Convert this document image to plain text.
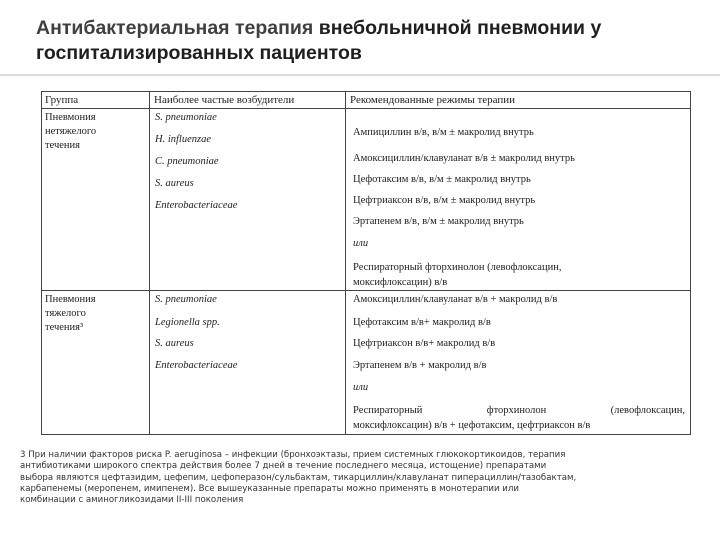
Антибактериальная терапия внебольничной пневмонии у
госпитализированных пациентов
Группа	Наиболее частые возбудители	Рекомендованные режимы терапии
Пневмония
нетяжелого
течения
S. pneumoniae
H. influenzae
C. pneumoniae
S. aureus
Enterobacteriaceae
Ампициллин в/в, в/м ± макролид внутрь
Амоксициллин/клавуланат в/в ± макролид внутрь
Цефотаксим в/в, в/м ± макролид внутрь
Цефтриаксон в/в, в/м ± макролид внутрь
Эртапенем в/в, в/м ± макролид внутрь
или
Респираторный фторхинолон (левофлоксацин,
моксифлоксацин) в/в
Пневмония
тяжелого
течения³
S. pneumoniae
Legionella spp.
S. aureus
Enterobacteriaceae
Амоксициллин/клавуланат в/в + макролид в/в
Цефотаксим в/в+ макролид в/в
Цефтриаксон в/в+ макролид в/в
Эртапенем в/в + макролид в/в
или
Респираторный фторхинолон (левофлоксацин,
моксифлоксацин) в/в + цефотаксим, цефтриаксон в/в
3 При наличии факторов риска P. aeruginosa – инфекции (бронхоэктазы, прием системных глюкокортикоидов, терапия
антибиотиками широкого спектра действия более 7 дней в течение последнего месяца, истощение) препаратами
выбора являются цефтазидим, цефепим, цефоперазон/сульбактам, тикарциллин/клавуланат пиперациллин/тазобактам,
карбапенемы (меропенем, имипенем). Все вышеуказанные препараты можно применять в монотерапии или
комбинации с аминогликозидами II-III поколения
